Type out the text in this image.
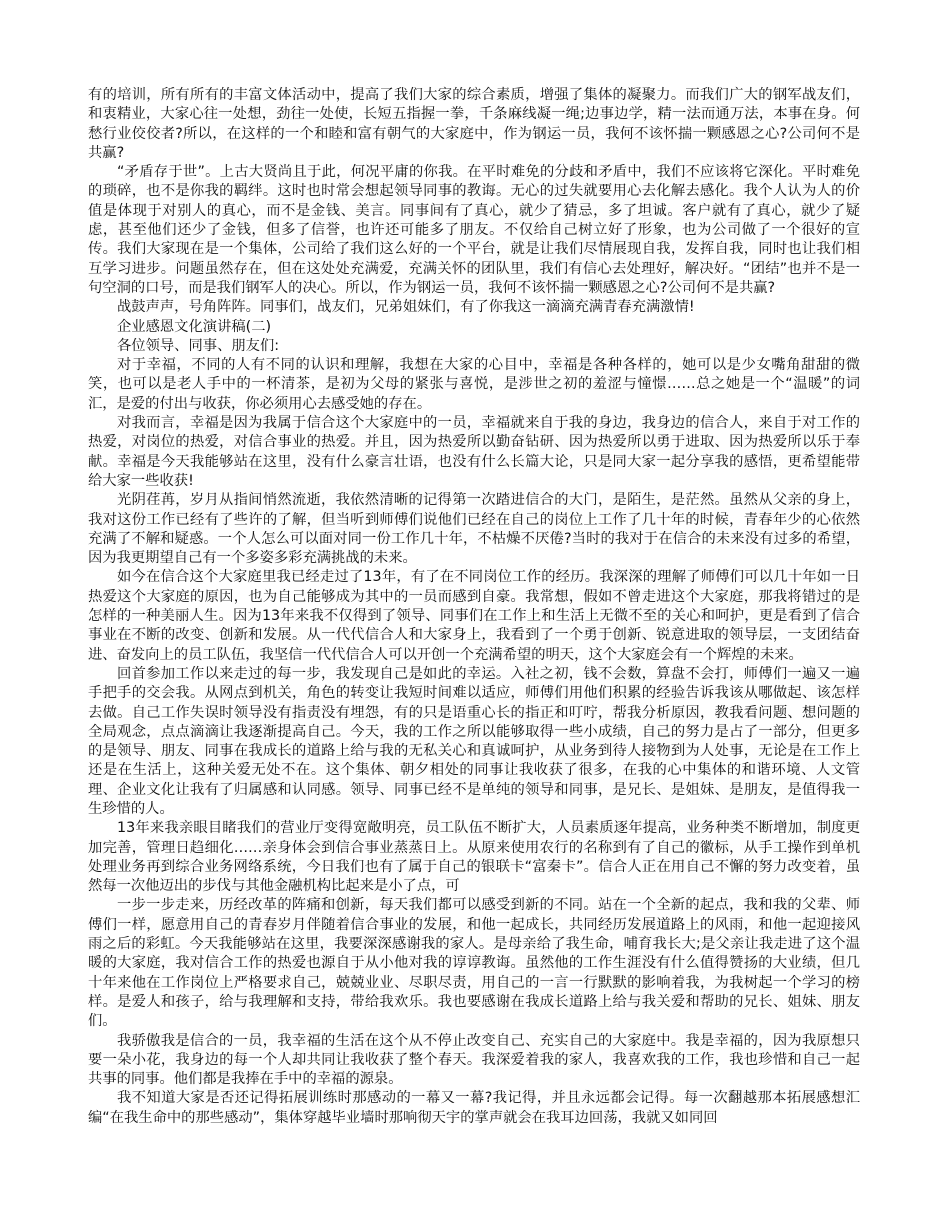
有的培训，所有所有的丰富文体活动中，提高了我们大家的综合素质，增强了集体的凝聚力。而我们广大的钢军战友们，和衷精业，大家心往一处想，劲往一处使，长短五指握一拳，千条麻线凝一绳;边事边学，精一法而通万法，本事在身。何愁行业佼佼者?所以，在这样的一个和睦和富有朝气的大家庭中，作为钢运一员，我何不该怀揣一颗感恩之心?公司何不是共赢?

“矛盾存于世”。上古大贤尚且于此，何况平庸的你我。在平时难免的分歧和矛盾中，我们不应该将它深化。平时难免的琐碎，也不是你我的羁绊。这时也时常会想起领导同事的教诲。无心的过失就要用心去化解去感化。我个人认为人的价值是体现于对别人的真心，而不是金钱、美言。同事间有了真心，就少了猜忌，多了坦诚。客户就有了真心，就少了疑虑，甚至他们还少了金钱，但多了信誉，也许还可能多了朋友。不仅给自己树立好了形象，也为公司做了一个很好的宣传。我们大家现在是一个集体，公司给了我们这么好的一个平台，就是让我们尽情展现自我，发挥自我，同时也让我们相互学习进步。问题虽然存在，但在这处处充满爱，充满关怀的团队里，我们有信心去处理好，解决好。“团结”也并不是一句空洞的口号，而是我们钢军人的决心。所以，作为钢运一员，我何不该怀揣一颗感恩之心?公司何不是共赢?

战鼓声声，号角阵阵。同事们，战友们，兄弟姐妹们，有了你我这一滴滴充满青春充满激情!

企业感恩文化演讲稿(二)

各位领导、同事、朋友们:

对于幸福，不同的人有不同的认识和理解，我想在大家的心目中，幸福是各种各样的，她可以是少女嘴角甜甜的微笑，也可以是老人手中的一杯清茶，是初为父母的紧张与喜悦，是涉世之初的羞涩与憧憬……总之她是一个“温暖”的词汇，是爱的付出与收获，你必须用心去感受她的存在。

对我而言，幸福是因为我属于信合这个大家庭中的一员，幸福就来自于我的身边，我身边的信合人，来自于对工作的热爱，对岗位的热爱，对信合事业的热爱。并且，因为热爱所以勤奋钻研、因为热爱所以勇于进取、因为热爱所以乐于奉献。幸福是今天我能够站在这里，没有什么豪言壮语，也没有什么长篇大论，只是同大家一起分享我的感悟，更希望能带给大家一些收获!

光阴荏苒，岁月从指间悄然流逝，我依然清晰的记得第一次踏进信合的大门，是陌生，是茫然。虽然从父亲的身上，我对这份工作已经有了些许的了解，但当听到师傅们说他们已经在自己的岗位上工作了几十年的时候，青春年少的心依然充满了不解和疑惑。一个人怎么可以面对同一份工作几十年，不枯燥不厌倦?当时的我对于在信合的未来没有过多的希望，因为我更期望自己有一个多姿多彩充满挑战的未来。

如今在信合这个大家庭里我已经走过了13年，有了在不同岗位工作的经历。我深深的理解了师傅们可以几十年如一日热爱这个大家庭的原因，也为自己能够成为其中的一员而感到自豪。我常想，假如不曾走进这个大家庭，那我将错过的是怎样的一种美丽人生。因为13年来我不仅得到了领导、同事们在工作上和生活上无微不至的关心和呵护，更是看到了信合事业在不断的改变、创新和发展。从一代代信合人和大家身上，我看到了一个勇于创新、锐意进取的领导层，一支团结奋进、奋发向上的员工队伍，我坚信一代代信合人可以开创一个充满希望的明天，这个大家庭会有一个辉煌的未来。

回首参加工作以来走过的每一步，我发现自己是如此的幸运。入社之初，钱不会数，算盘不会打，师傅们一遍又一遍手把手的交会我。从网点到机关，角色的转变让我短时间难以适应，师傅们用他们积累的经验告诉我该从哪做起、该怎样去做。自己工作失误时领导没有指责没有埋怨，有的只是语重心长的指正和叮咛，帮我分析原因，教我看问题、想问题的全局观念，点点滴滴让我逐渐提高自己。今天，我的工作之所以能够取得一些小成绩，自己的努力是占了一部分，但更多的是领导、朋友、同事在我成长的道路上给与我的无私关心和真诚呵护，从业务到待人接物到为人处事，无论是在工作上还是在生活上，这种关爱无处不在。这个集体、朝夕相处的同事让我收获了很多，在我的心中集体的和谐环境、人文管理、企业文化让我有了归属感和认同感。领导、同事已经不是单纯的领导和同事，是兄长、是姐妹、是朋友，是值得我一生珍惜的人。

13年来我亲眼目睹我们的营业厅变得宽敞明亮，员工队伍不断扩大，人员素质逐年提高，业务种类不断增加，制度更加完善，管理日趋细化……亲身体会到信合事业蒸蒸日上。从原来使用农行的名称到有了自己的徽标，从手工操作到单机处理业务再到综合业务网络系统，今日我们也有了属于自己的银联卡“富秦卡”。信合人正在用自己不懈的努力改变着，虽然每一次他迈出的步伐与其他金融机构比起来是小了点，可

一步一步走来，历经改革的阵痛和创新，每天我们都可以感受到新的不同。站在一个全新的起点，我和我的父辈、师傅们一样，愿意用自己的青春岁月伴随着信合事业的发展，和他一起成长，共同经历发展道路上的风雨，和他一起迎接风雨之后的彩虹。今天我能够站在这里，我要深深感谢我的家人。是母亲给了我生命，哺育我长大;是父亲让我走进了这个温暖的大家庭，我对信合工作的热爱也源自于从小他对我的谆谆教诲。虽然他的工作生涯没有什么值得赞扬的大业绩，但几十年来他在工作岗位上严格要求自己，兢兢业业、尽职尽责，用自己的一言一行默默的影响着我，为我树起一个学习的榜样。是爱人和孩子，给与我理解和支持，带给我欢乐。我也要感谢在我成长道路上给与我关爱和帮助的兄长、姐妹、朋友们。

我骄傲我是信合的一员，我幸福的生活在这个从不停止改变自己、充实自己的大家庭中。我是幸福的，因为我原想只要一朵小花，我身边的每一个人却共同让我收获了整个春天。我深爱着我的家人，我喜欢我的工作，我也珍惜和自己一起共事的同事。他们都是我捧在手中的幸福的源泉。

我不知道大家是否还记得拓展训练时那感动的一幕又一幕?我记得，并且永远都会记得。每一次翻越那本拓展感想汇编“在我生命中的那些感动”，集体穿越毕业墙时那响彻天宇的掌声就会在我耳边回荡，我就又如同回
